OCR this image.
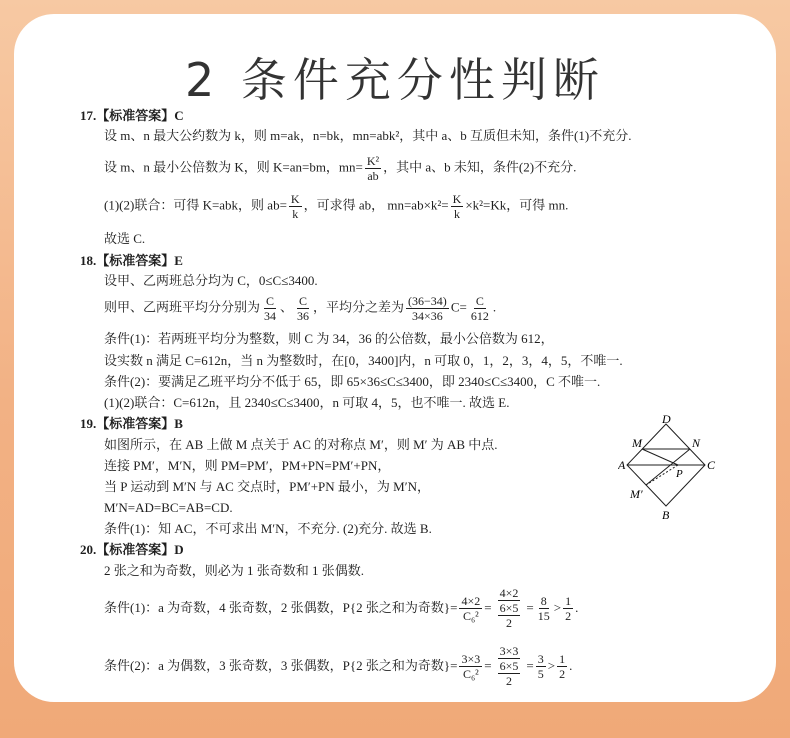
2 条件充分性判断
17.【标准答案】C
设 m、n 最大公约数为 k，则 m=ak，n=bk，mn=abk²，其中 a、b 互质但未知，条件(1)不充分.
设 m、n 最小公倍数为 K，则 K=an=bm，$mn= \frac{\text{K²}}{ab}$ ，其中 a、b 未知，条件(2)不充分.
(1)(2)联合：可得 K=abk，则 $ab= \frac{K}{k}$ ，可求得 ab， $mn=ab\times k^2= \frac{K}{k} \times k^2=Kk$，可得 mn.
故选 C.
18.【标准答案】E
设甲、乙两班总分均为 C，0≤C≤3400.
则甲、乙两班平均分分别为 $\frac{C}{34}$ 、 $\frac{C}{36}$ ，平均分之差为 $\frac{(36-34)}{34\times 36} C= \frac{C}{612}$ .
条件(1)：若两班平均分为整数，则 C 为 34，36 的公倍数，最小公倍数为 612，
设实数 n 满足 C=612n，当 n 为整数时，在[0，3400]内，n 可取 0，1，2，3，4，5，不唯一.
条件(2)：要满足乙班平均分不低于 65，即 65×36≤C≤3400，即 2340≤C≤3400，C 不唯一.
(1)(2)联合：C=612n，且 2340≤C≤3400，n 可取 4，5，也不唯一. 故选 E.
19.【标准答案】B
如图所示，在 AB 上做 M 点关于 AC 的对称点 M′，则 M′ 为 AB 中点.
连接 PM′，M′N，则 PM=PM′，PM+PN=PM′+PN，
当 P 运动到 M′N 与 AC 交点时，PM′+PN 最小，为 M′N，
M′N=AD=BC=AB=CD.
条件(1)：知 AC，不可求出 M′N，不充分. (2)充分. 故选 B.
D
M	N
A	C
P
M′
B
20.【标准答案】D
2 张之和为奇数，则必为 1 张奇数和 1 张偶数.
条件(1)：a 为奇数，4 张奇数，2 张偶数，P{2 张之和为奇数}= $\frac{4\times 2}{\text{C₆²}} = \frac{4\times 2}{\frac{6\times 5}{2}} = \frac{8}{15} > \frac{1}{2}$ .
条件(2)：a 为偶数，3 张奇数，3 张偶数，P{2 张之和为奇数}= $\frac{3\times 3}{\text{C₆²}} = \frac{3\times 3}{\frac{6\times 5}{2}} = \frac{3}{5} > \frac{1}{2}$ .
